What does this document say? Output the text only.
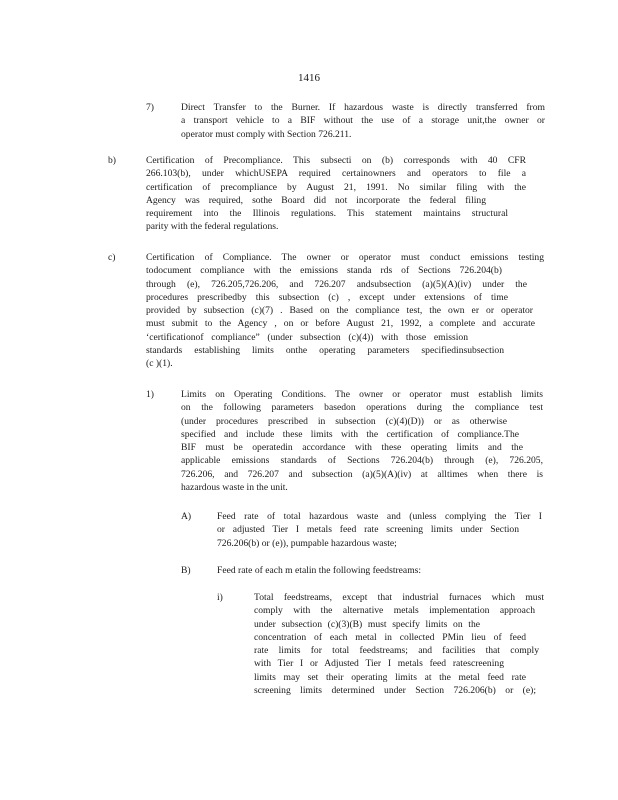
1416
7)	Direct Transfer to the Burner. If hazardous waste is directly transferred from
a transport vehicle to a BIF without the use of a storage unit,the owner or
operator must comply with Section 726.211.
b)	Certification of Precompliance. This subsecti on (b) corresponds with 40 CFR
266.103(b), under whichUSEPA required certainowners and operators to file a
certification of precompliance by August 21, 1991. No similar filing with the
Agency was required, sothe Board did not incorporate the federal filing
requirement into the Illinois regulations. This statement maintains structural
parity with the federal regulations.
c)	Certification of Compliance. The owner or operator must conduct emissions testing
todocument compliance with the emissions standa rds of Sections 726.204(b)
through (e), 726.205,726.206, and 726.207 andsubsection (a)(5)(A)(iv) under the
procedures prescribedby this subsection (c) , except under extensions of time
provided by subsection (c)(7) . Based on the compliance test, the own er or operator
must submit to the Agency , on or before August 21, 1992, a complete and accurate
‘certificationof compliance” (under subsection (c)(4)) with those emission
standards establishing limits onthe operating parameters specifiedinsubsection
(c )(1).
1)	Limits on Operating Conditions. The owner or operator must establish limits
on the following parameters basedon operations during the compliance test
(under procedures prescribed in subsection (c)(4)(D)) or as otherwise
specified and include these limits with the certification of compliance.The
BIF must be operatedin accordance with these operating limits and the
applicable emissions standards of Sections 726.204(b) through (e), 726.205,
726.206, and 726.207 and subsection (a)(5)(A)(iv) at alltimes when there is
hazardous waste in the unit.
A)	Feed rate of total hazardous waste and (unless complying the Tier I
or adjusted Tier I metals feed rate screening limits under Section
726.206(b) or (e)), pumpable hazardous waste;
B)	Feed rate of each m etalin the following feedstreams:
i)	Total feedstreams, except that industrial furnaces which must
comply with the alternative metals implementation approach
under subsection (c)(3)(B) must specify limits on the
concentration of each metal in collected PMin lieu of feed
rate limits for total feedstreams; and facilities that comply
with Tier I or Adjusted Tier I metals feed ratescreening
limits may set their operating limits at the metal feed rate
screening limits determined under Section 726.206(b) or (e);
